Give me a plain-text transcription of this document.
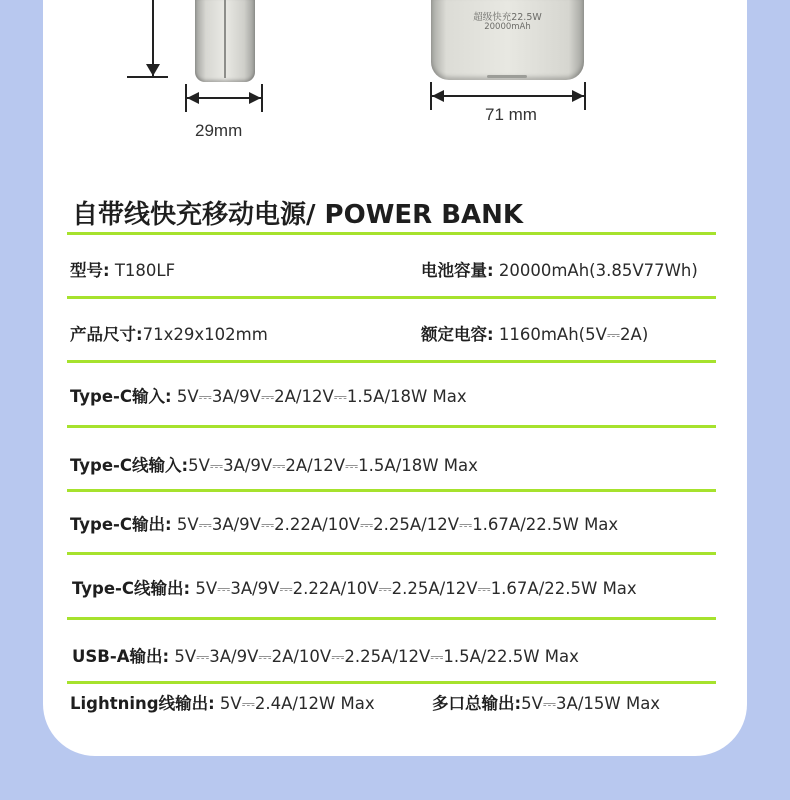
超级快充22.5W
20000mAh
29mm
71 mm
自带线快充移动电源/ POWER BANK
型号: T180LF	电池容量: 20000mAh(3.85V77Wh)
产品尺寸:71x29x102mm	额定电容: 1160mAh(5V⎓2A)
Type-C输入: 5V⎓3A/9V⎓2A/12V⎓1.5A/18W Max
Type-C线输入:5V⎓3A/9V⎓2A/12V⎓1.5A/18W Max
Type-C输出: 5V⎓3A/9V⎓2.22A/10V⎓2.25A/12V⎓1.67A/22.5W Max
Type-C线输出: 5V⎓3A/9V⎓2.22A/10V⎓2.25A/12V⎓1.67A/22.5W Max
USB-A输出: 5V⎓3A/9V⎓2A/10V⎓2.25A/12V⎓1.5A/22.5W Max
Lightning线输出: 5V⎓2.4A/12W Max	多口总输出:5V⎓3A/15W Max
